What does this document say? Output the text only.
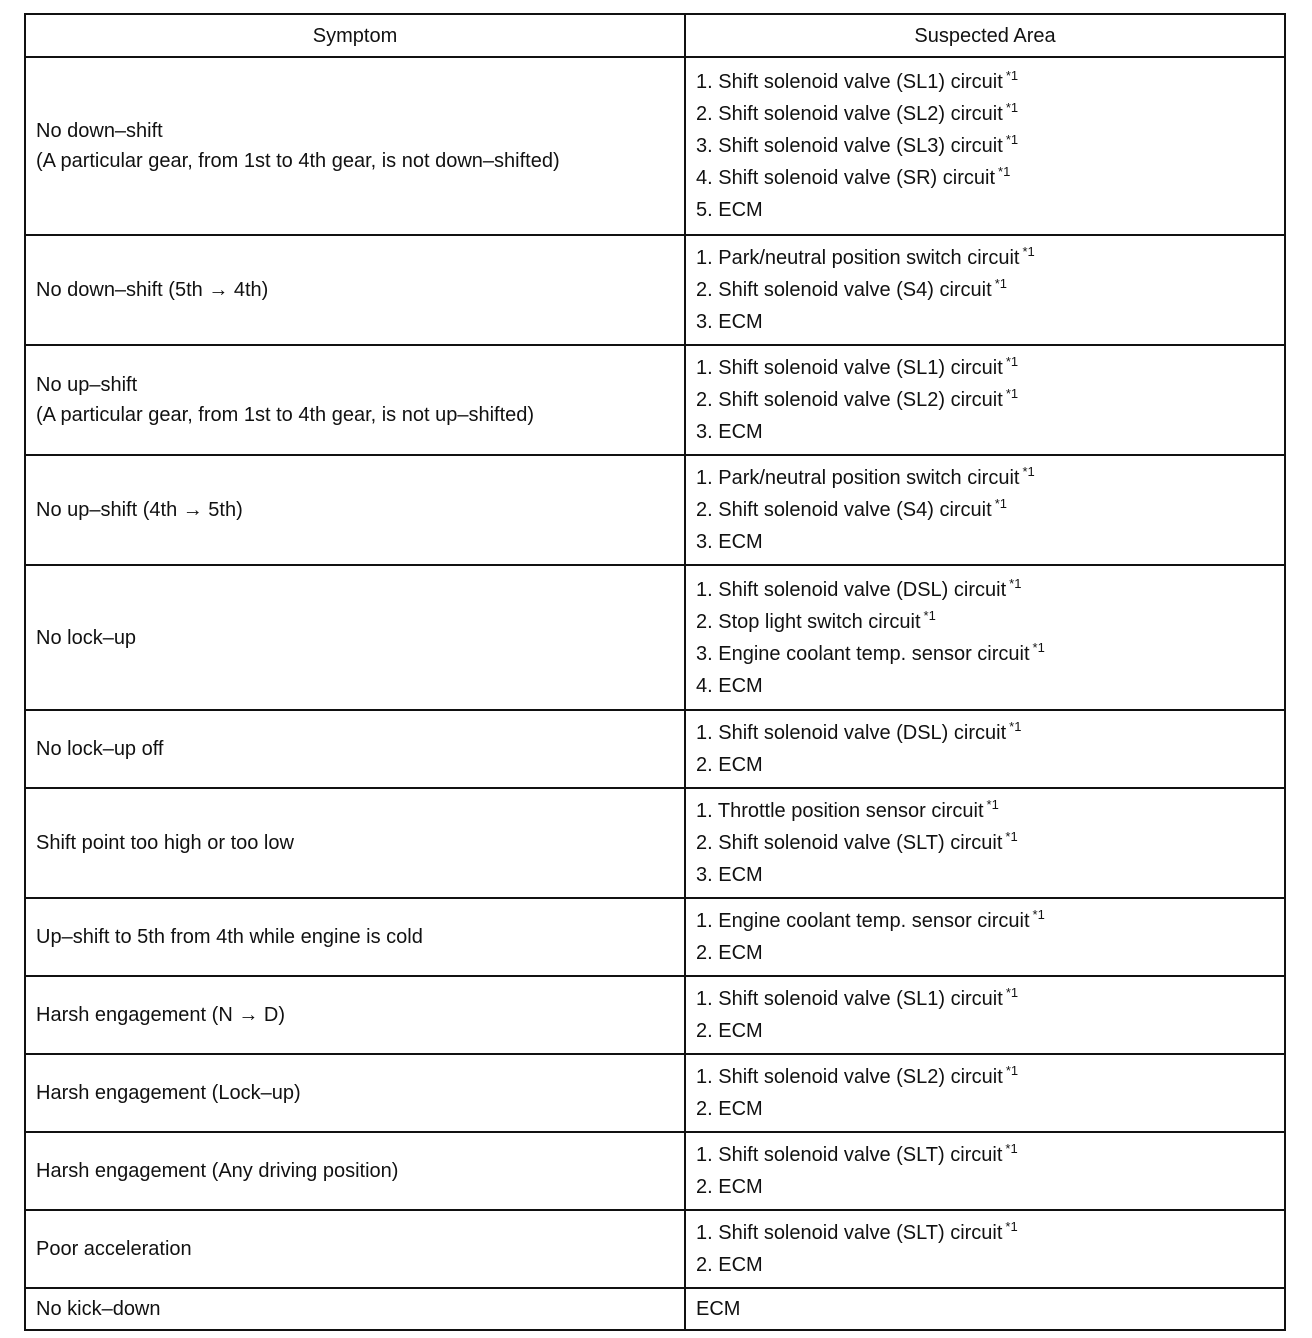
Symptom	Suspected Area

No down–shift
(A particular gear, from 1st to 4th gear, is not down–shifted)	1. Shift solenoid valve (SL1) circuit $^{*1}$
2. Shift solenoid valve (SL2) circuit $^{*1}$
3. Shift solenoid valve (SL3) circuit $^{*1}$
4. Shift solenoid valve (SR) circuit $^{*1}$
5. ECM

No down–shift (5th → 4th)	1. Park/neutral position switch circuit $^{*1}$
2. Shift solenoid valve (S4) circuit $^{*1}$
3. ECM

No up–shift
(A particular gear, from 1st to 4th gear, is not up–shifted)	1. Shift solenoid valve (SL1) circuit $^{*1}$
2. Shift solenoid valve (SL2) circuit $^{*1}$
3. ECM

No up–shift (4th → 5th)	1. Park/neutral position switch circuit $^{*1}$
2. Shift solenoid valve (S4) circuit $^{*1}$
3. ECM

No lock–up	1. Shift solenoid valve (DSL) circuit $^{*1}$
2. Stop light switch circuit $^{*1}$
3. Engine coolant temp. sensor circuit $^{*1}$
4. ECM

No lock–up off	1. Shift solenoid valve (DSL) circuit $^{*1}$
2. ECM

Shift point too high or too low	1. Throttle position sensor circuit $^{*1}$
2. Shift solenoid valve (SLT) circuit $^{*1}$
3. ECM

Up–shift to 5th from 4th while engine is cold	1. Engine coolant temp. sensor circuit $^{*1}$
2. ECM

Harsh engagement (N → D)	1. Shift solenoid valve (SL1) circuit $^{*1}$
2. ECM

Harsh engagement (Lock–up)	1. Shift solenoid valve (SL2) circuit $^{*1}$
2. ECM

Harsh engagement (Any driving position)	1. Shift solenoid valve (SLT) circuit $^{*1}$
2. ECM

Poor acceleration	1. Shift solenoid valve (SLT) circuit $^{*1}$
2. ECM

No kick–down	ECM
